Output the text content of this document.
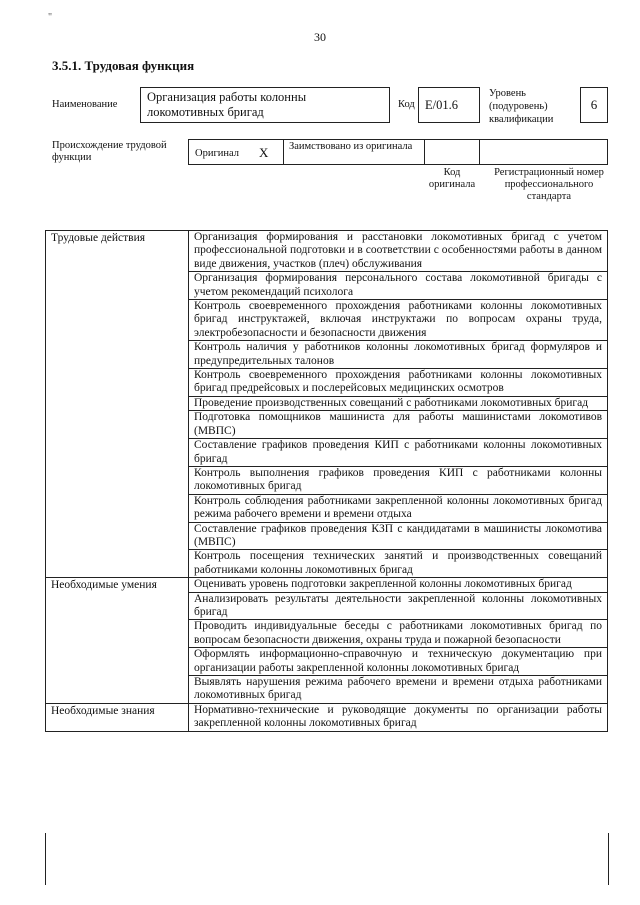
"
30
3.5.1. Трудовая функция
Наименование
Организация работы колонны локомотивных бригад
Код E/01.6
Уровень (подуровень) квалификации
6
Происхождение трудовой функции	Оригинал X Заимствовано из оригинала
Код оригинала
Регистрационный номер профессионального стандарта
Трудовые действия	Организация формирования и расстановки локомотивных бригад с учетом профессиональной подготовки и в соответствии с особенностями работы в данном виде движения, участков (плеч) обслуживания
	Организация формирования персонального состава локомотивной бригады с учетом рекомендаций психолога
	Контроль своевременного прохождения работниками колонны локомотивных бригад инструктажей, включая инструктажи по вопросам охраны труда, электробезопасности и безопасности движения
	Контроль наличия у работников колонны локомотивных бригад формуляров и предупредительных талонов
	Контроль своевременного прохождения работниками колонны локомотивных бригад предрейсовых и послерейсовых медицинских осмотров
	Проведение производственных совещаний с работниками локомотивных бригад
	Подготовка помощников машиниста для работы машинистами локомотивов (МВПС)
	Составление графиков проведения КИП с работниками колонны локомотивных бригад
	Контроль выполнения графиков проведения КИП с работниками колонны локомотивных бригад
	Контроль соблюдения работниками закрепленной колонны локомотивных бригад режима рабочего времени и времени отдыха
	Составление графиков проведения КЗП с кандидатами в машинисты локомотива (МВПС)
	Контроль посещения технических занятий и производственных совещаний работниками колонны локомотивных бригад
Необходимые умения	Оценивать уровень подготовки закрепленной колонны локомотивных бригад
	Анализировать результаты деятельности закрепленной колонны локомотивных бригад
	Проводить индивидуальные беседы с работниками локомотивных бригад по вопросам безопасности движения, охраны труда и пожарной безопасности
	Оформлять информационно-справочную и техническую документацию при организации работы закрепленной колонны локомотивных бригад
	Выявлять нарушения режима рабочего времени и времени отдыха работниками локомотивных бригад
Необходимые знания	Нормативно-технические и руководящие документы по организации работы закрепленной колонны локомотивных бригад
